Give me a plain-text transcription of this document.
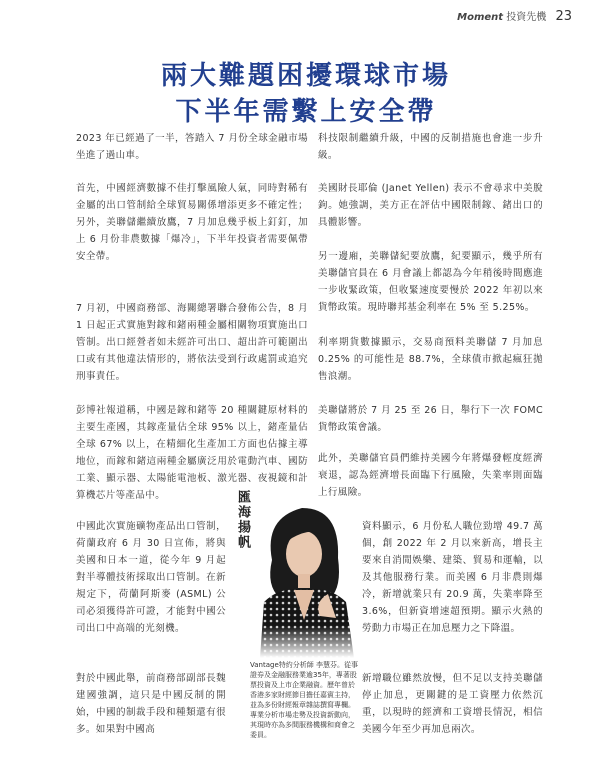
Moment 投資先機 23
兩大難題困擾環球市場
下半年需繫上安全帶

2023 年已經過了一半，答踏入 7 月份全球金融市場坐進了過山車。

首先，中國經濟數據不佳打擊風險人氣，同時對稀有金屬的出口管制給全球貿易關係增添更多不確定性；另外，美聯儲繼續放鷹，7 月加息幾乎板上釘釘，加上 6 月份非農數據「爆冷」，下半年投資者需要佩帶安全帶。

7 月初，中國商務部、海關總署聯合發佈公告，8 月 1 日起正式實施對鎵和鍺兩種金屬相關物項實施出口管制。出口經營者如未經許可出口、超出許可範圍出口或有其他違法情形的，將依法受到行政處罰或追究刑事責任。

彭博社報道稱，中國是鎵和鍺等 20 種關鍵原材料的主要生產國，其鎵產量佔全球 95% 以上，鍺產量佔全球 67% 以上，在精細化生產加工方面也佔據主導地位，而鎵和鍺這兩種金屬廣泛用於電動汽車、國防工業、顯示器、太陽能電池板、激光器、夜視鏡和計算機芯片等產品中。

中國此次實施礦物產品出口管制，荷蘭政府 6 月 30 日宣佈，將與美國和日本一道，從今年 9 月起對半導體技術採取出口管制。在新規定下，荷蘭阿斯麥 (ASML) 公司必須獲得許可證，才能對中國公司出口中高端的光刻機。

對於中國此舉，前商務部副部長魏建國強調，這只是中國反制的開始，中國的制裁手段和種類還有很多。如果對中國高

科技限制繼續升級，中國的反制措施也會進一步升級。

美國財長耶倫 (Janet Yellen) 表示不會尋求中美脫鉤。她強調，美方正在評估中國限制鎵、鍺出口的具體影響。

另一邊廂，美聯儲紀要放鷹，紀要顯示，幾乎所有美聯儲官員在 6 月會議上都認為今年稍後時間應進一步收緊政策，但收緊速度要慢於 2022 年初以來貨幣政策。現時聯邦基金利率在 5% 至 5.25%。

利率期貨數據顯示，交易商預料美聯儲 7 月加息 0.25% 的可能性是 88.7%，全球債市掀起瘋狂拋售浪潮。

美聯儲將於 7 月 25 至 26 日，舉行下一次 FOMC 貨幣政策會議。

此外，美聯儲官員們維持美國今年將爆發輕度經濟衰退，認為經濟增長面臨下行風險，失業率則面臨上行風險。

資料顯示，6 月份私人職位勁增 49.7 萬個，創 2022 年 2 月以來新高，增長主要來自消閒娛樂、建築、貿易和運輸，以及其他服務行業。而美國 6 月非農則爆冷，新增就業只有 20.9 萬，失業率降至 3.6%，但新資增速超預期。顯示火熱的勞動力市場正在加息壓力之下降溫。

新增職位雖然放慢，但不足以支持美聯儲停止加息，更關鍵的是工資壓力依然沉重，以現時的經濟和工資增長情況，相信美國今年至少再加息兩次。

匯海揚帆
Vantage特約分析師 李慧芬。從事證券及金融服務業逾35年，專著股票投資及上市企業融資。歷年曾於香港多家財經節目擔任嘉賓主持，並為多份財經報章雜誌撰寫專欄。專業分析市場走勢及投資新動向，其現時亦為多間服務機構和商會之委員。
